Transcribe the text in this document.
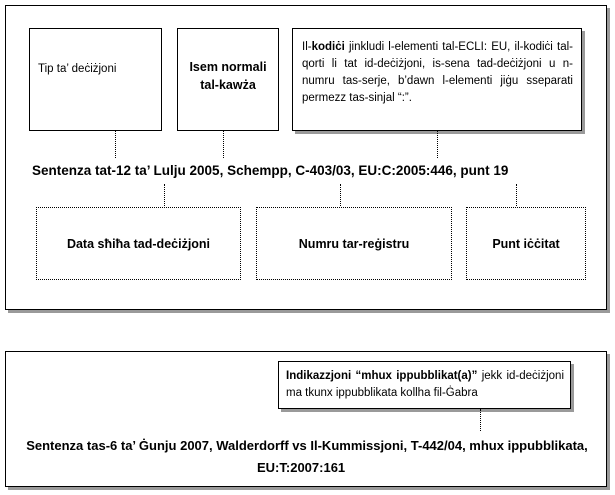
Tip ta’ deċiżjoni	Isem normali
tal-kawża
Il-kodiċi jinkludi l-elementi tal-ECLI: EU, il-kodiċi tal-qorti li tat id-deċiżjoni, is-sena tad-deċiżjoni u n-numru tas-serje, b’dawn l-elementi jiġu sseparati permezz tas-sinjal “:”.
Sentenza tat-12 ta’ Lulju 2005, Schempp, C-403/03, EU:C:2005:446, punt 19
Data sħiħa tad-deċiżjoni	Numru tar-reġistru	Punt iċċitat
Indikazzjoni “mhux ippubblikat(a)” jekk id-deċiżjoni ma tkunx ippubblikata kollha fil-Ġabra
Sentenza tas-6 ta’ Ġunju 2007, Walderdorff vs Il-Kummissjoni, T-442/04, mhux ippubblikata,
EU:T:2007:161
